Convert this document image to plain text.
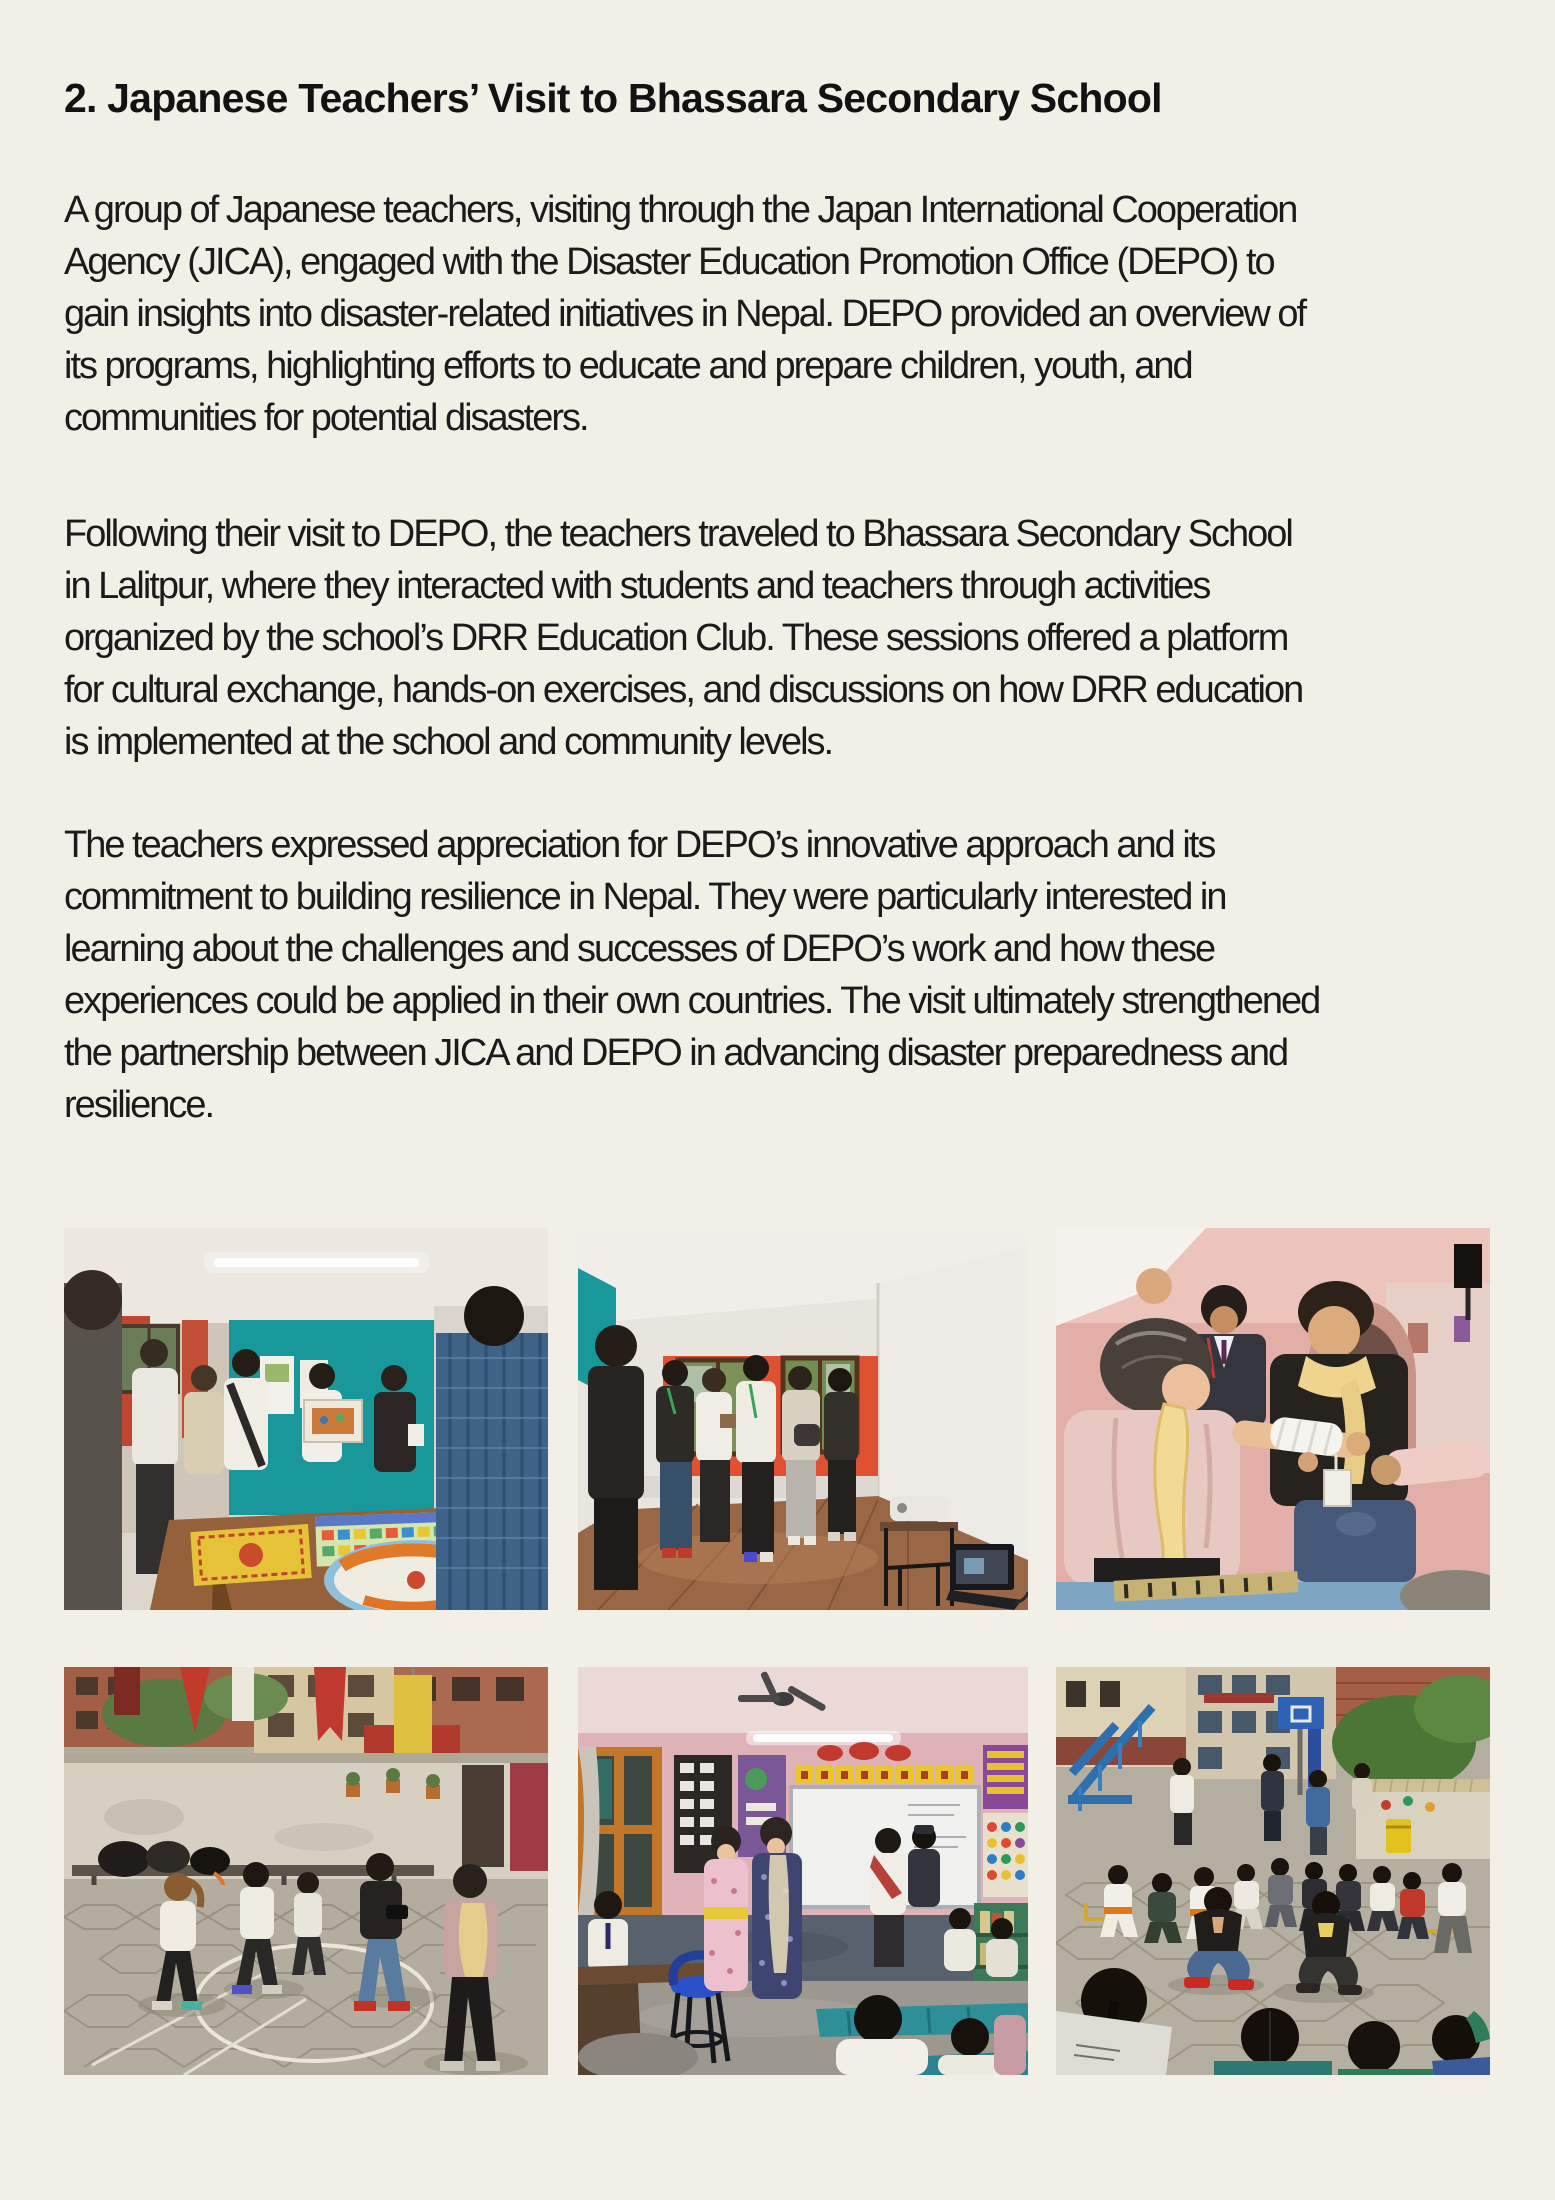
2. Japanese Teachers’ Visit to Bhassara Secondary School
A group of Japanese teachers, visiting through the Japan International Cooperation
Agency (JICA), engaged with the Disaster Education Promotion Office (DEPO) to
gain insights into disaster-related initiatives in Nepal. DEPO provided an overview of
its programs, highlighting efforts to educate and prepare children, youth, and
communities for potential disasters.
Following their visit to DEPO, the teachers traveled to Bhassara Secondary School
in Lalitpur, where they interacted with students and teachers through activities
organized by the school’s DRR Education Club. These sessions offered a platform
for cultural exchange, hands-on exercises, and discussions on how DRR education
is implemented at the school and community levels.
The teachers expressed appreciation for DEPO’s innovative approach and its
commitment to building resilience in Nepal. They were particularly interested in
learning about the challenges and successes of DEPO’s work and how these
experiences could be applied in their own countries. The visit ultimately strengthened
the partnership between JICA and DEPO in advancing disaster preparedness and
resilience.
